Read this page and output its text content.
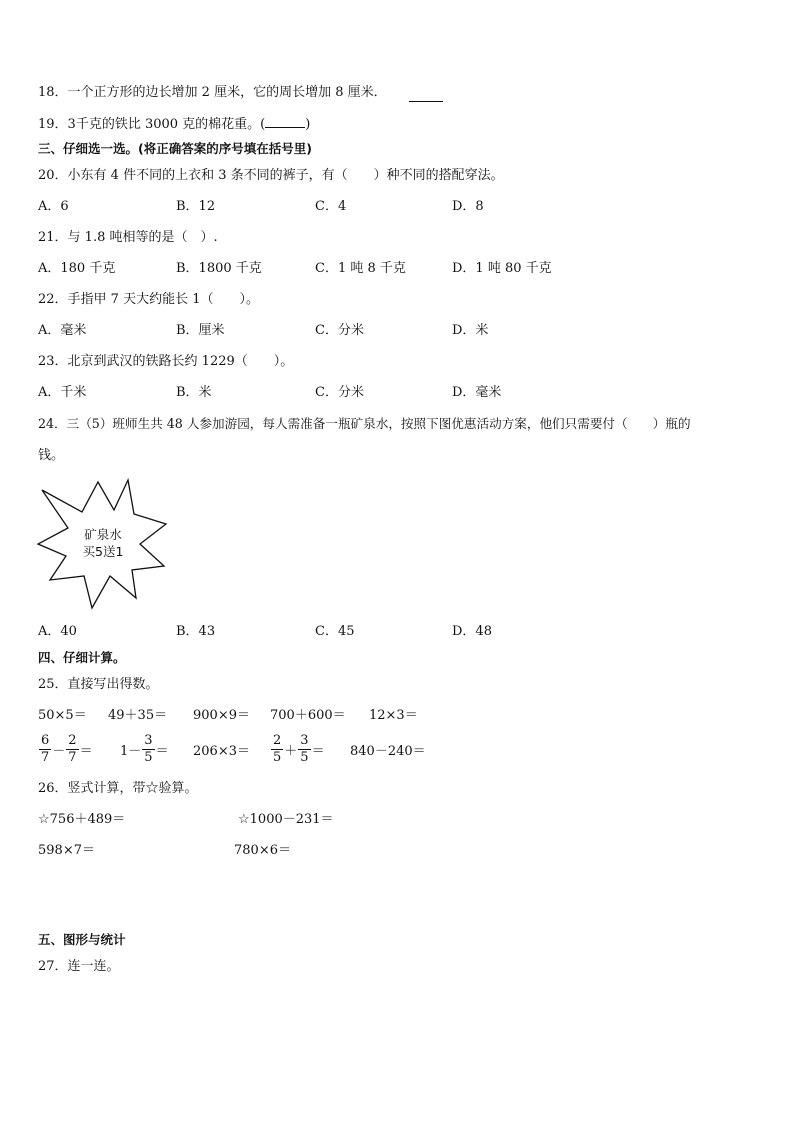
18．一个正方形的边长增加 2 厘米，它的周长增加 8 厘米．
19．3千克的铁比 3000 克的棉花重。(	)
三、仔细选一选。(将正确答案的序号填在括号里)
20．小东有 4 件不同的上衣和 3 条不同的裤子，有（　　）种不同的搭配穿法。
A．6	B．12	C．4	D．8
21．与 1.8 吨相等的是（　）.
A．180 千克	B．1800 千克	C．1 吨 8 千克	D．1 吨 80 千克
22．手指甲 7 天大约能长 1（　　）。
A．毫米	B．厘米	C．分米	D．米
23．北京到武汉的铁路长约 1229（　　）。
A．千米	B．米	C．分米	D．毫米
24．三（5）班师生共 48 人参加游园，每人需准备一瓶矿泉水，按照下图优惠活动方案，他们只需要付（　　）瓶的
钱。
矿泉水
买5送1
A．40	B．43	C．45	D．48
四、仔细计算。
25．直接写出得数。
50×5＝ 49＋35＝ 900×9＝ 700＋600＝ 12×3＝
$\frac{6}{7} - \frac{2}{7} = 1- \frac{3}{5} = 206\times 3= \frac{2}{5} + \frac{3}{5} = 840-240=$
26．竖式计算，带☆验算。
☆756＋489＝	☆1000－231＝
598×7＝	780×6＝
五、图形与统计
27．连一连。
